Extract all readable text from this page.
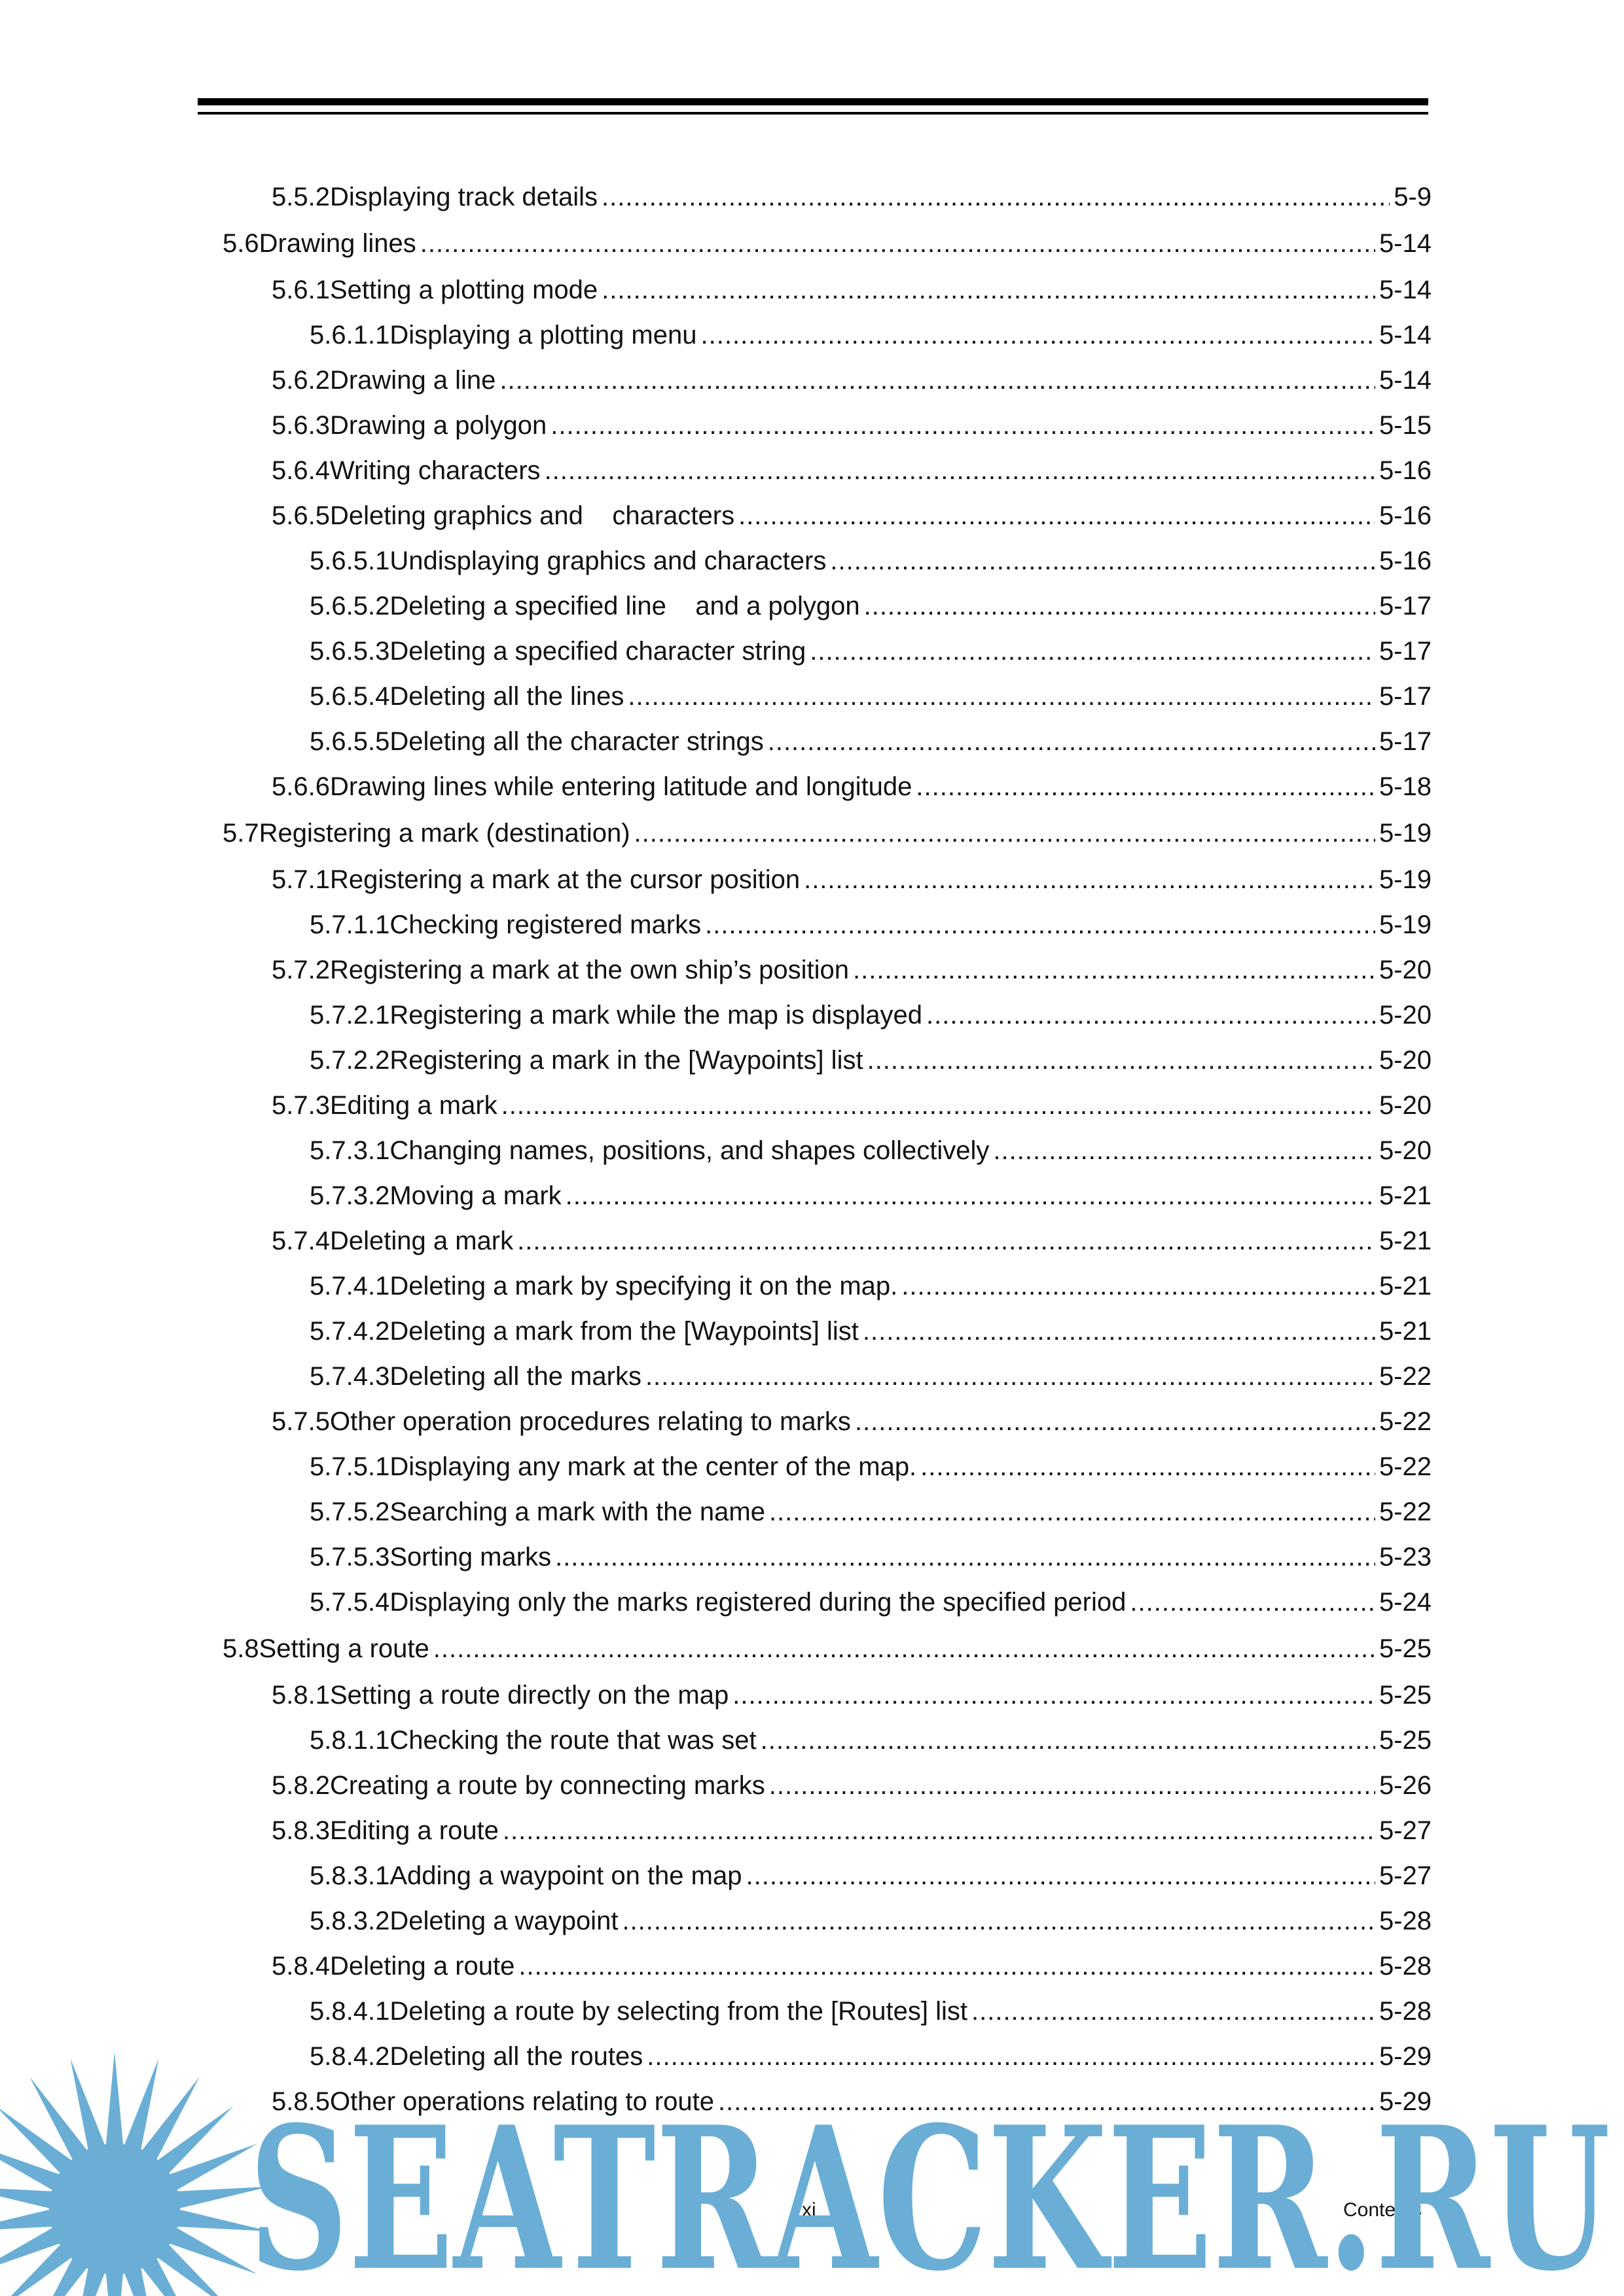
5.5.2 Displaying track details .....	5-9
5.6 Drawing lines .....	5-14
5.6.1 Setting a plotting mode .....	5-14
5.6.1.1 Displaying a plotting menu .....	5-14
5.6.2 Drawing a line .....	5-14
5.6.3 Drawing a polygon .....	5-15
5.6.4 Writing characters .....	5-16
5.6.5 Deleting graphics and    characters .....	5-16
5.6.5.1 Undisplaying graphics and characters .....	5-16
5.6.5.2 Deleting a specified line    and a polygon .....	5-17
5.6.5.3 Deleting a specified character string .....	5-17
5.6.5.4 Deleting all the lines .....	5-17
5.6.5.5 Deleting all the character strings .....	5-17
5.6.6 Drawing lines while entering latitude and longitude .....	5-18
5.7 Registering a mark (destination) .....	5-19
5.7.1 Registering a mark at the cursor position .....	5-19
5.7.1.1 Checking registered marks .....	5-19
5.7.2 Registering a mark at the own ship’s position .....	5-20
5.7.2.1 Registering a mark while the map is displayed .....	5-20
5.7.2.2 Registering a mark in the [Waypoints] list .....	5-20
5.7.3 Editing a mark .....	5-20
5.7.3.1 Changing names, positions, and shapes collectively .....	5-20
5.7.3.2 Moving a mark .....	5-21
5.7.4 Deleting a mark .....	5-21
5.7.4.1 Deleting a mark by specifying it on the map. .....	5-21
5.7.4.2 Deleting a mark from the [Waypoints] list .....	5-21
5.7.4.3 Deleting all the marks .....	5-22
5.7.5 Other operation procedures relating to marks .....	5-22
5.7.5.1 Displaying any mark at the center of the map. .....	5-22
5.7.5.2 Searching a mark with the name .....	5-22
5.7.5.3 Sorting marks .....	5-23
5.7.5.4 Displaying only the marks registered during the specified period .....	5-24
5.8 Setting a route .....	5-25
5.8.1 Setting a route directly on the map .....	5-25
5.8.1.1 Checking the route that was set .....	5-25
5.8.2 Creating a route by connecting marks .....	5-26
5.8.3 Editing a route .....	5-27
5.8.3.1 Adding a waypoint on the map .....	5-27
5.8.3.2 Deleting a waypoint .....	5-28
5.8.4 Deleting a route .....	5-28
5.8.4.1 Deleting a route by selecting from the [Routes] list .....	5-28
5.8.4.2 Deleting all the routes .....	5-29
5.8.5 Other operations relating to route .....	5-29
xi	Contents
SEATRACKER.RU
